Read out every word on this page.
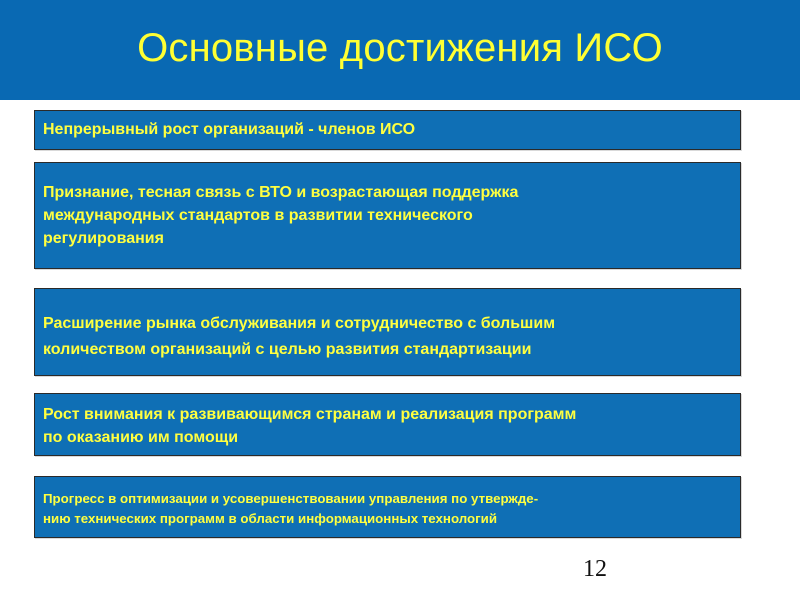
Основные достижения ИСО
Непрерывный рост организаций - членов ИСО
Признание, тесная связь с ВТО и возрастающая поддержка
международных стандартов в развитии технического
регулирования
Расширение рынка обслуживания и сотрудничество с большим
количеством организаций с целью развития стандартизации
Рост внимания к развивающимся странам и реализация программ
по оказанию им помощи
Прогресс в оптимизации и усовершенствовании управления по утвержде-
нию технических программ в области информационных технологий
12
